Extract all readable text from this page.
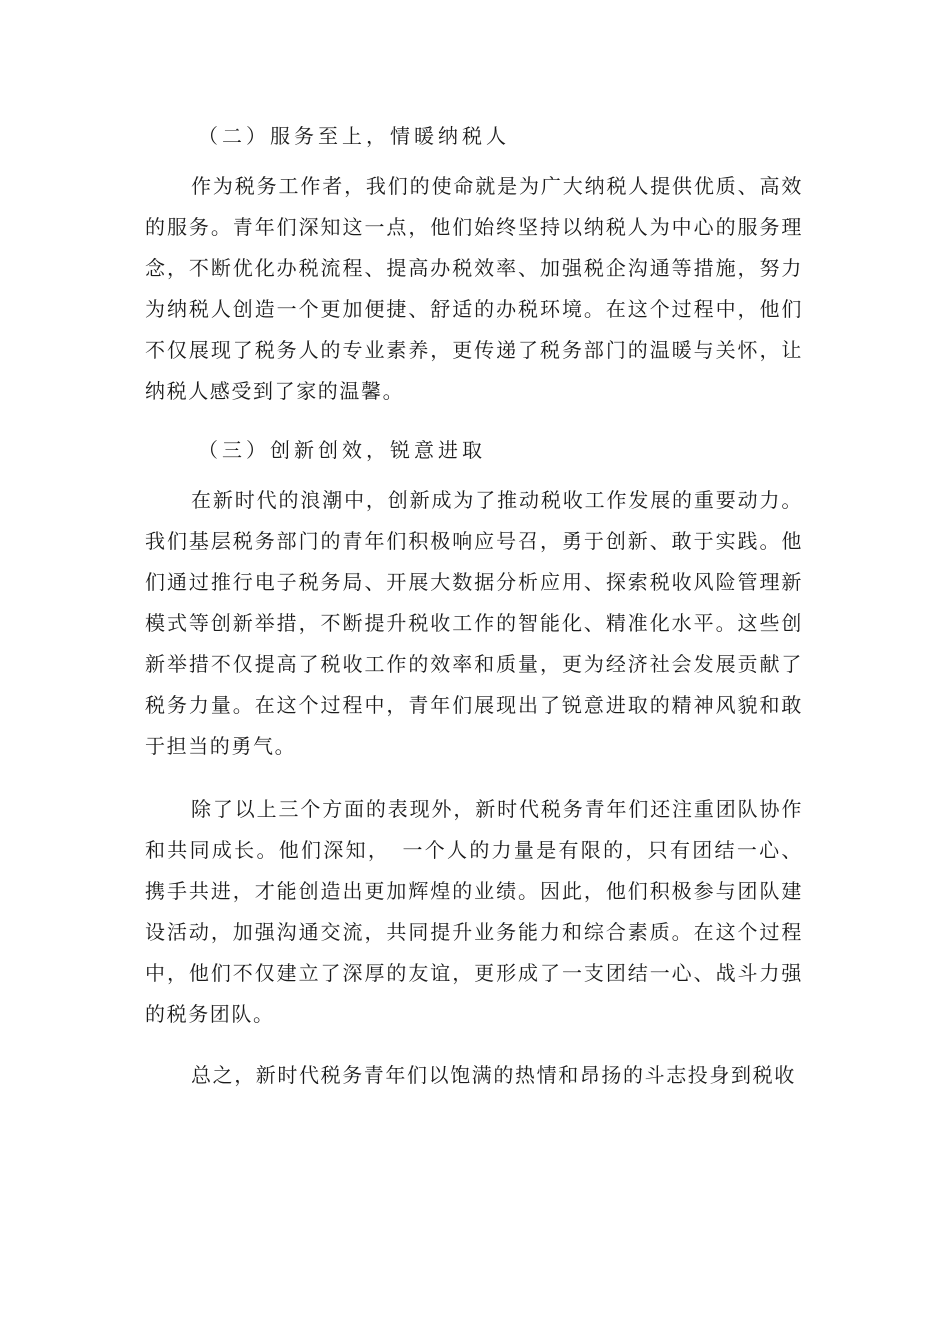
（二）服务至上，情暖纳税人

作为税务工作者，我们的使命就是为广大纳税人提供优质、高效的服务。青年们深知这一点，他们始终坚持以纳税人为中心的服务理念，不断优化办税流程、提高办税效率、加强税企沟通等措施，努力为纳税人创造一个更加便捷、舒适的办税环境。在这个过程中，他们不仅展现了税务人的专业素养，更传递了税务部门的温暖与关怀，让纳税人感受到了家的温馨。

（三）创新创效，锐意进取

在新时代的浪潮中，创新成为了推动税收工作发展的重要动力。我们基层税务部门的青年们积极响应号召，勇于创新、敢于实践。他们通过推行电子税务局、开展大数据分析应用、探索税收风险管理新模式等创新举措，不断提升税收工作的智能化、精准化水平。这些创新举措不仅提高了税收工作的效率和质量，更为经济社会发展贡献了税务力量。在这个过程中，青年们展现出了锐意进取的精神风貌和敢于担当的勇气。

除了以上三个方面的表现外，新时代税务青年们还注重团队协作和共同成长。他们深知，　一个人的力量是有限的，只有团结一心、携手共进，才能创造出更加辉煌的业绩。因此，他们积极参与团队建设活动，加强沟通交流，共同提升业务能力和综合素质。在这个过程中，他们不仅建立了深厚的友谊，更形成了一支团结一心、战斗力强的税务团队。

总之，新时代税务青年们以饱满的热情和昂扬的斗志投身到税收
